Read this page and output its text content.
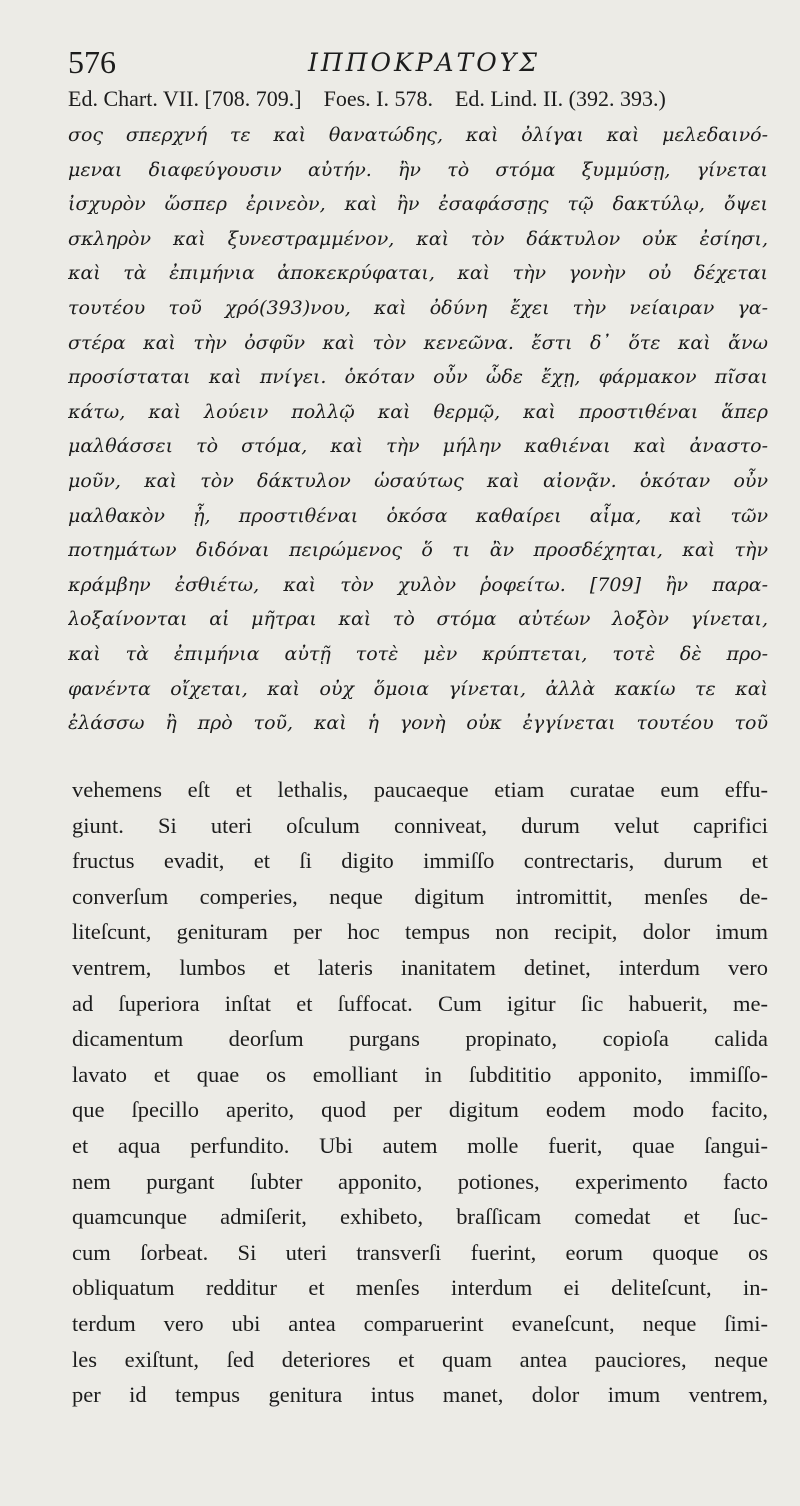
576	ΙΠΠΟΚΡΑΤΟΥΣ
Ed. Chart. VII. [708. 709.]    Foes. I. 578.    Ed. Lind. II. (392. 393.)
σος σπερχνή τε καὶ θανατώδης, καὶ ὀλίγαι καὶ μελεδαινό-
μεναι διαφεύγουσιν αὐτήν. ἢν τὸ στόμα ξυμμύσῃ, γίνεται
ἰσχυρὸν ὥσπερ ἐρινεὸν, καὶ ἢν ἐσαφάσσῃς τῷ δακτύλῳ, ὄψει
σκληρὸν καὶ ξυνεστραμμένον, καὶ τὸν δάκτυλον οὐκ ἐσίησι,
καὶ τὰ ἐπιμήνια ἀποκεκρύφαται, καὶ τὴν γονὴν οὐ δέχεται
τουτέου τοῦ χρό(393)νου, καὶ ὀδύνη ἔχει τὴν νείαιραν γα-
στέρα καὶ τὴν ὀσφῦν καὶ τὸν κενεῶνα. ἔστι δ᾽ ὅτε καὶ ἄνω
προσίσταται καὶ πνίγει. ὁκόταν οὖν ὧδε ἔχῃ, φάρμακον πῖσαι
κάτω, καὶ λούειν πολλῷ καὶ θερμῷ, καὶ προστιθέναι ἅπερ
μαλθάσσει τὸ στόμα, καὶ τὴν μήλην καθιέναι καὶ ἀναστο-
μοῦν, καὶ τὸν δάκτυλον ὡσαύτως καὶ αἰονᾷν. ὁκόταν οὖν
μαλθακὸν ᾖ, προστιθέναι ὁκόσα καθαίρει αἷμα, καὶ τῶν
ποτημάτων διδόναι πειρώμενος ὅ τι ἂν προσδέχηται, καὶ τὴν
κράμβην ἐσθιέτω, καὶ τὸν χυλὸν ῥοφείτω. [709] ἢν παρα-
λοξαίνονται αἱ μῆτραι καὶ τὸ στόμα αὐτέων λοξὸν γίνεται,
καὶ τὰ ἐπιμήνια αὐτῇ τοτὲ μὲν κρύπτεται, τοτὲ δὲ προ-
φανέντα οἴχεται, καὶ οὐχ ὅμοια γίνεται, ἀλλὰ κακίω τε καὶ
ἐλάσσω ἢ πρὸ τοῦ, καὶ ἡ γονὴ οὐκ ἐγγίνεται τουτέου τοῦ
vehemens eſt et lethalis, paucaeque etiam curatae eum effu-
giunt. Si uteri oſculum conniveat, durum velut caprifici
fructus evadit, et ſi digito immiſſo contrectaris, durum et
converſum comperies, neque digitum intromittit, menſes de-
liteſcunt, genituram per hoc tempus non recipit, dolor imum
ventrem, lumbos et lateris inanitatem detinet, interdum vero
ad ſuperiora inſtat et ſuffocat. Cum igitur ſic habuerit, me-
dicamentum deorſum purgans propinato, copioſa calida
lavato et quae os emolliant in ſubdititio apponito, immiſſo-
que ſpecillo aperito, quod per digitum eodem modo facito,
et aqua perfundito. Ubi autem molle fuerit, quae ſangui-
nem purgant ſubter apponito, potiones, experimento facto
quamcunque admiſerit, exhibeto, braſſicam comedat et ſuc-
cum ſorbeat. Si uteri transverſi fuerint, eorum quoque os
obliquatum redditur et menſes interdum ei deliteſcunt, in-
terdum vero ubi antea comparuerint evaneſcunt, neque ſimi-
les exiſtunt, ſed deteriores et quam antea pauciores, neque
per id tempus genitura intus manet, dolor imum ventrem,
